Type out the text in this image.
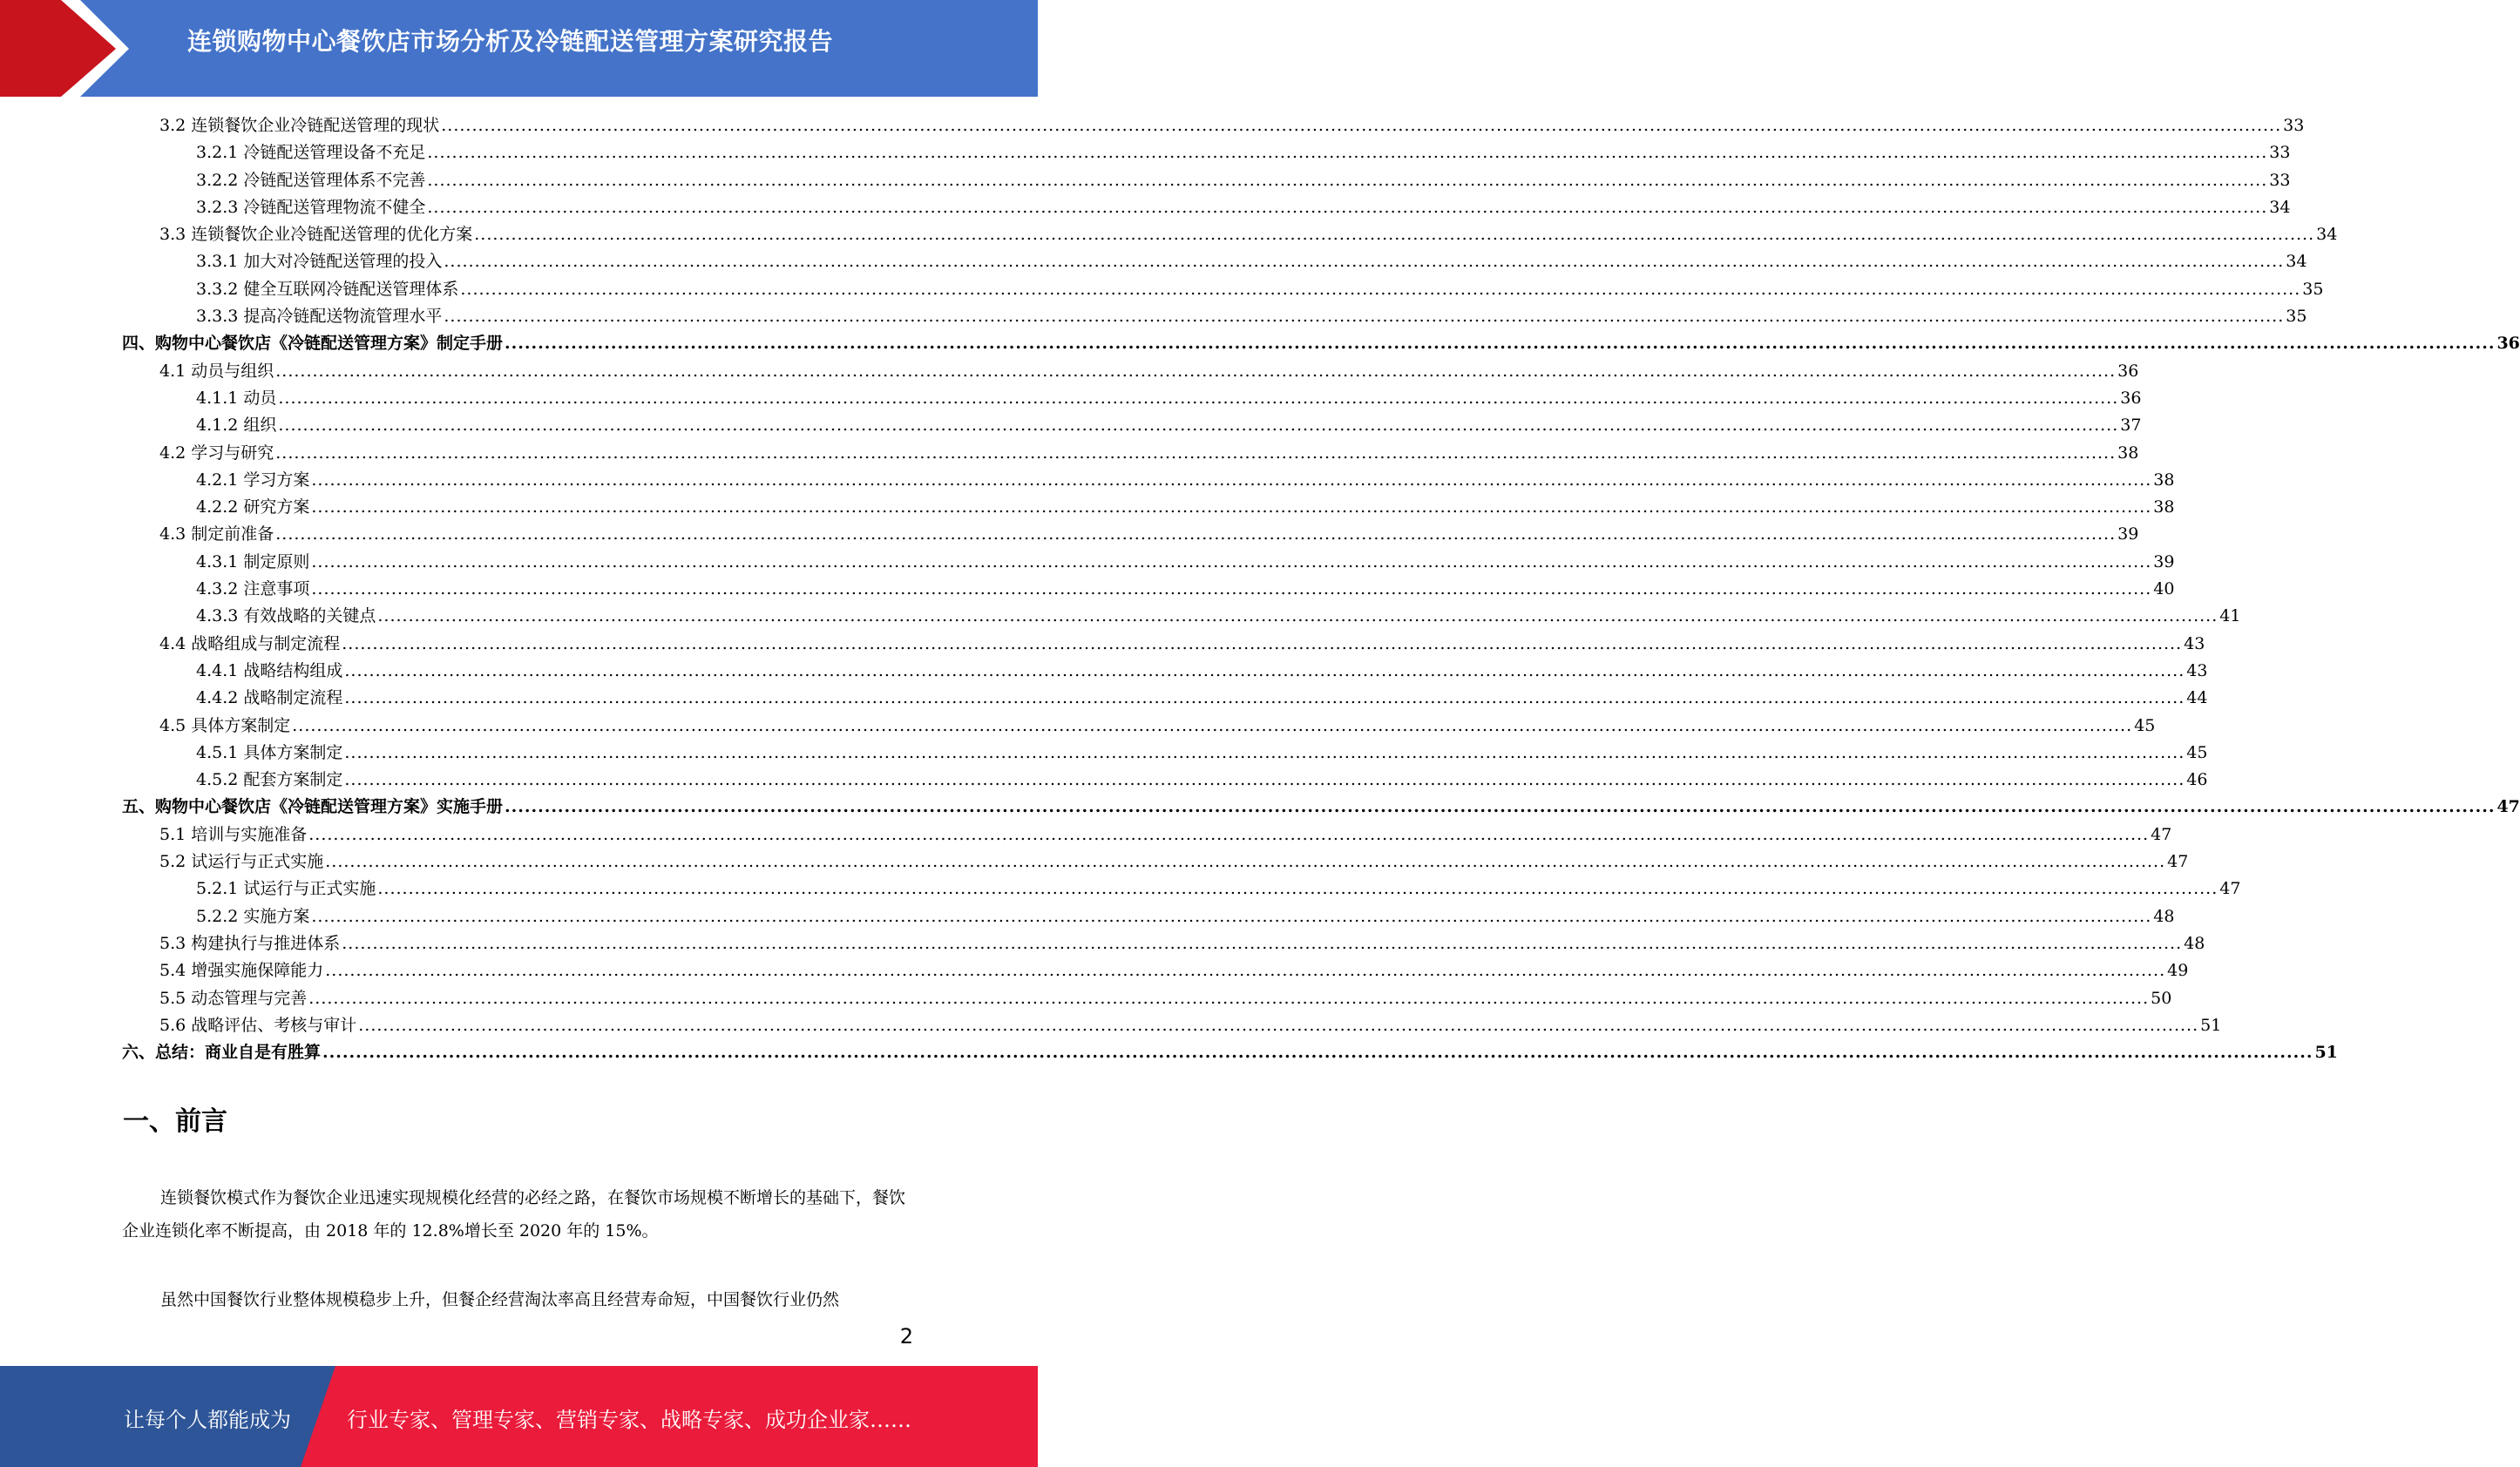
连锁购物中心餐饮店市场分析及冷链配送管理方案研究报告
3.2 连锁餐饮企业冷链配送管理的现状 ............................................................................................................................................................................................................................................................................................................ 33
3.2.1 冷链配送管理设备不充足 ............................................................................................................................................................................................................................................................................................................ 33
3.2.2 冷链配送管理体系不完善 ............................................................................................................................................................................................................................................................................................................ 33
3.2.3 冷链配送管理物流不健全 ............................................................................................................................................................................................................................................................................................................ 34
3.3 连锁餐饮企业冷链配送管理的优化方案 ............................................................................................................................................................................................................................................................................................................ 34
3.3.1 加大对冷链配送管理的投入 ............................................................................................................................................................................................................................................................................................................ 34
3.3.2 健全互联网冷链配送管理体系 ............................................................................................................................................................................................................................................................................................................ 35
3.3.3 提高冷链配送物流管理水平 ............................................................................................................................................................................................................................................................................................................ 35
四、购物中心餐饮店《冷链配送管理方案》制定手册 ............................................................................................................................................................................................................................................................................................................ 36
4.1 动员与组织 ............................................................................................................................................................................................................................................................................................................ 36
4.1.1 动员 ............................................................................................................................................................................................................................................................................................................ 36
4.1.2 组织 ............................................................................................................................................................................................................................................................................................................ 37
4.2 学习与研究 ............................................................................................................................................................................................................................................................................................................ 38
4.2.1 学习方案 ............................................................................................................................................................................................................................................................................................................ 38
4.2.2 研究方案 ............................................................................................................................................................................................................................................................................................................ 38
4.3 制定前准备 ............................................................................................................................................................................................................................................................................................................ 39
4.3.1 制定原则 ............................................................................................................................................................................................................................................................................................................ 39
4.3.2 注意事项 ............................................................................................................................................................................................................................................................................................................ 40
4.3.3 有效战略的关键点 ............................................................................................................................................................................................................................................................................................................ 41
4.4 战略组成与制定流程 ............................................................................................................................................................................................................................................................................................................ 43
4.4.1 战略结构组成 ............................................................................................................................................................................................................................................................................................................ 43
4.4.2 战略制定流程 ............................................................................................................................................................................................................................................................................................................ 44
4.5 具体方案制定 ............................................................................................................................................................................................................................................................................................................ 45
4.5.1 具体方案制定 ............................................................................................................................................................................................................................................................................................................ 45
4.5.2 配套方案制定 ............................................................................................................................................................................................................................................................................................................ 46
五、购物中心餐饮店《冷链配送管理方案》实施手册 ............................................................................................................................................................................................................................................................................................................ 47
5.1 培训与实施准备 ............................................................................................................................................................................................................................................................................................................ 47
5.2 试运行与正式实施 ............................................................................................................................................................................................................................................................................................................ 47
5.2.1 试运行与正式实施 ............................................................................................................................................................................................................................................................................................................ 47
5.2.2 实施方案 ............................................................................................................................................................................................................................................................................................................ 48
5.3 构建执行与推进体系 ............................................................................................................................................................................................................................................................................................................ 48
5.4 增强实施保障能力 ............................................................................................................................................................................................................................................................................................................ 49
5.5 动态管理与完善 ............................................................................................................................................................................................................................................................................................................ 50
5.6 战略评估、考核与审计 ............................................................................................................................................................................................................................................................................................................ 51
六、总结：商业自是有胜算 ............................................................................................................................................................................................................................................................................................................ 51
一、前言
连锁餐饮模式作为餐饮企业迅速实现规模化经营的必经之路，在餐饮市场规模不断增长的基础下，餐饮企业连锁化率不断提高，由 2018 年的 12.8%增长至 2020 年的 15%。
虽然中国餐饮行业整体规模稳步上升，但餐企经营淘汰率高且经营寿命短，中国餐饮行业仍然
2
让每个人都能成为	行业专家、管理专家、营销专家、战略专家、成功企业家……
